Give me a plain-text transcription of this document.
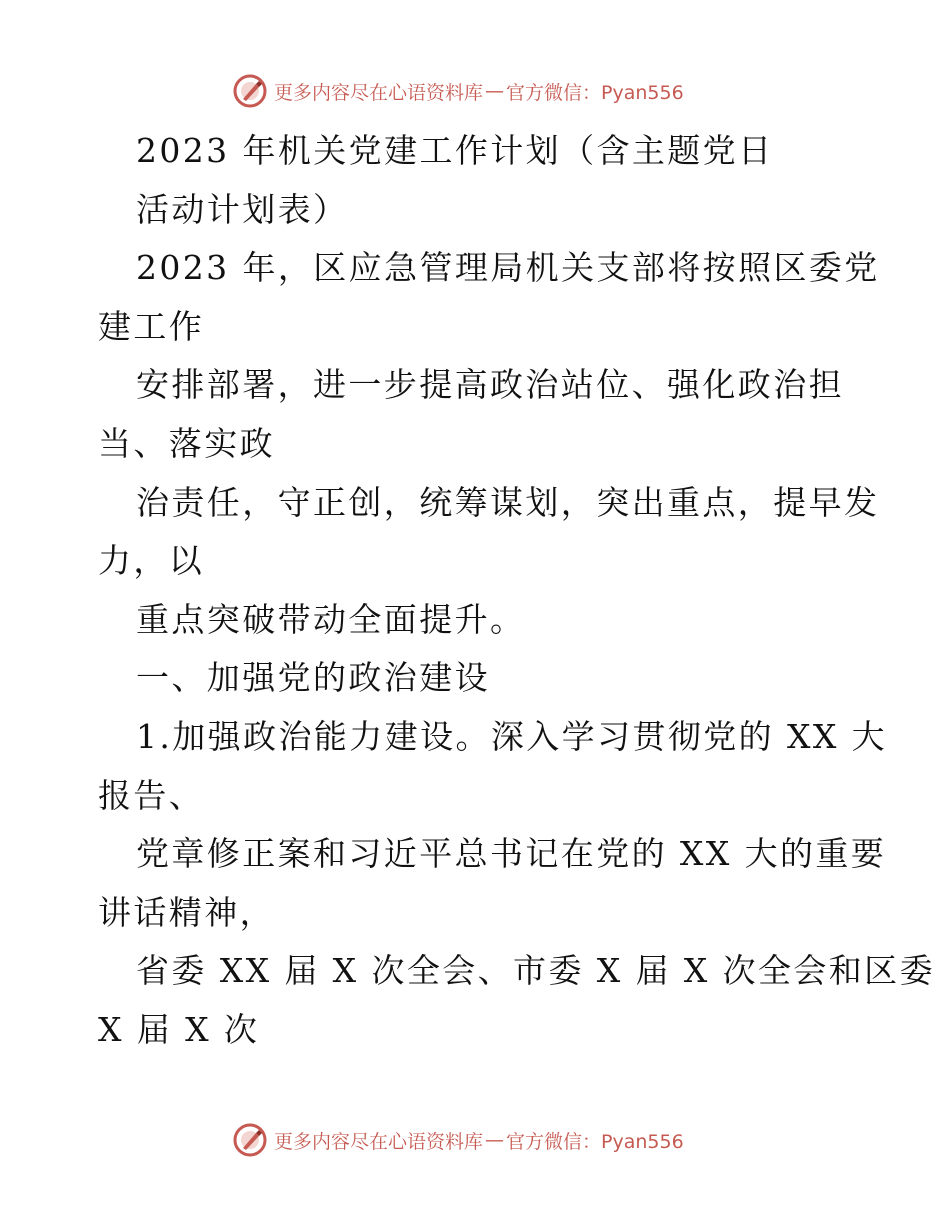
更多内容尽在心语资料库 — 官方微信：Pyan556
2023 年机关党建工作计划（含主题党日
活动计划表）
2023 年，区应急管理局机关支部将按照区委党
建工作
安排部署，进一步提高政治站位、强化政治担
当、落实政
治责任，守正创，统筹谋划，突出重点，提早发
力，以
重点突破带动全面提升。
一、加强党的政治建设
1.加强政治能力建设。深入学习贯彻党的 XX 大
报告、
党章修正案和习近平总书记在党的 XX 大的重要
讲话精神，
省委 XX 届 X 次全会、市委 X 届 X 次全会和区委
X 届 X 次
更多内容尽在心语资料库 — 官方微信：Pyan556
